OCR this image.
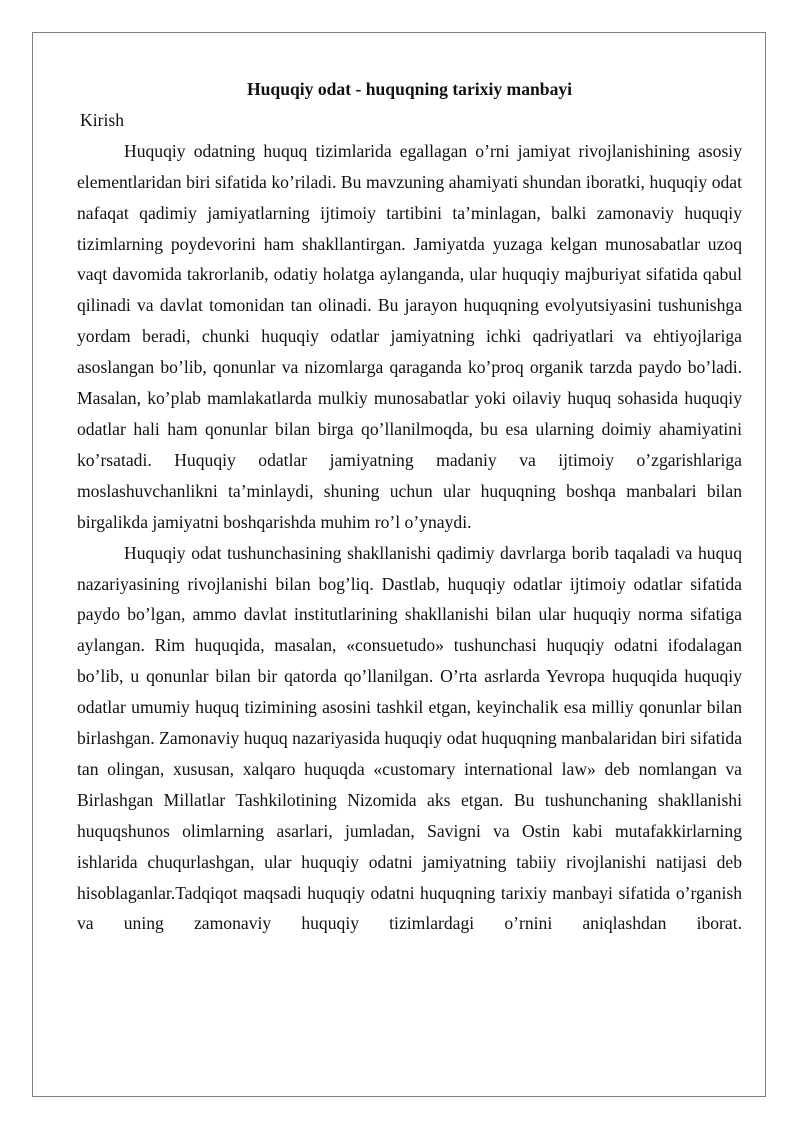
Huquqiy odat - huquqning tarixiy manbayi

Kirish

Huquqiy odatning huquq tizimlarida egallagan o’rni jamiyat rivojlanishining asosiy elementlaridan biri sifatida ko’riladi. Bu mavzuning ahamiyati shundan iboratki, huquqiy odat nafaqat qadimiy jamiyatlarning ijtimoiy tartibini ta’minlagan, balki zamonaviy huquqiy tizimlarning poydevorini ham shakllantirgan. Jamiyatda yuzaga kelgan munosabatlar uzoq vaqt davomida takrorlanib, odatiy holatga aylanganda, ular huquqiy majburiyat sifatida qabul qilinadi va davlat tomonidan tan olinadi. Bu jarayon huquqning evolyutsiyasini tushunishga yordam beradi, chunki huquqiy odatlar jamiyatning ichki qadriyatlari va ehtiyojlariga asoslangan bo’lib, qonunlar va nizomlarga qaraganda ko’proq organik tarzda paydo bo’ladi. Masalan, ko’plab mamlakatlarda mulkiy munosabatlar yoki oilaviy huquq sohasida huquqiy odatlar hali ham qonunlar bilan birga qo’llanilmoqda, bu esa ularning doimiy ahamiyatini ko’rsatadi. Huquqiy odatlar jamiyatning madaniy va ijtimoiy o’zgarishlariga moslashuvchanlikni ta’minlaydi, shuning uchun ular huquqning boshqa manbalari bilan birgalikda jamiyatni boshqarishda muhim ro’l o’ynaydi.

Huquqiy odat tushunchasining shakllanishi qadimiy davrlarga borib taqaladi va huquq nazariyasining rivojlanishi bilan bog’liq. Dastlab, huquqiy odatlar ijtimoiy odatlar sifatida paydo bo’lgan, ammo davlat institutlarining shakllanishi bilan ular huquqiy norma sifatiga aylangan. Rim huquqida, masalan, «consuetudo» tushunchasi huquqiy odatni ifodalagan bo’lib, u qonunlar bilan bir qatorda qo’llanilgan. O’rta asrlarda Yevropa huquqida huquqiy odatlar umumiy huquq tizimining asosini tashkil etgan, keyinchalik esa milliy qonunlar bilan birlashgan. Zamonaviy huquq nazariyasida huquqiy odat huquqning manbalaridan biri sifatida tan olingan, xususan, xalqaro huquqda «customary international law» deb nomlangan va Birlashgan Millatlar Tashkilotining Nizomida aks etgan. Bu tushunchaning shakllanishi huquqshunos olimlarning asarlari, jumladan, Savigni va Ostin kabi mutafakkirlarning ishlarida chuqurlashgan, ular huquqiy odatni jamiyatning tabiiy rivojlanishi natijasi deb hisoblaganlar.Tadqiqot maqsadi huquqiy odatni huquqning tarixiy manbayi sifatida o’rganish va uning zamonaviy huquqiy tizimlardagi o’rnini aniqlashdan iborat.
